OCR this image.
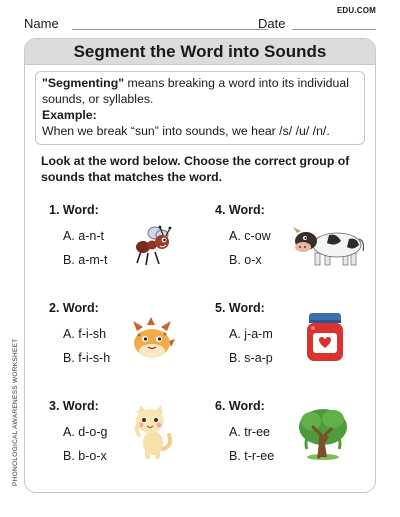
Name	Date
EDU.COM
PHONOLOGICAL AWARENESS WORKSHEET
Segment the Word into Sounds
"Segmenting" means breaking a word into its individual sounds, or syllables.
Example:
When we break “sun” into sounds, we hear /s/ /u/ /n/.
Look at the word below. Choose the correct group of sounds that matches the word.
1. Word:
A. a-n-t
B. a-m-t
2. Word:
A. f-i-sh
B. f-i-s-h
3. Word:
A. d-o-g
B. b-o-x
4. Word:
A. c-ow
B. o-x
5. Word:
A. j-a-m
B. s-a-p
6. Word:
A. tr-ee
B. t-r-ee
